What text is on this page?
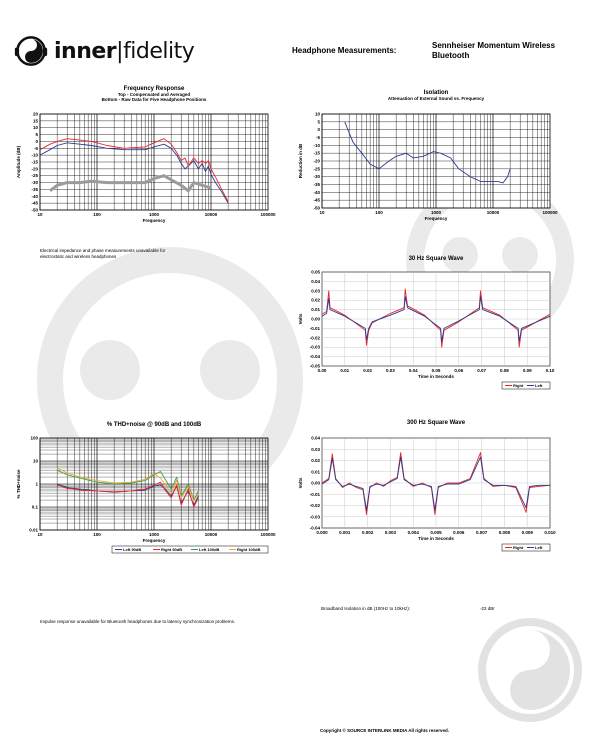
inner|fidelity	Headphone Measurements:
Sennheiser Momentum Wireless Bluetooth
Frequency Response
Top - Compensated and Averaged
Bottom - Raw Data for Five Headphone Positions
10	100	1000	10000	100000
20
15
10
5
0
-5
-10
-15
-20
-25
-30
-35
-40
-45
-50
Frequency
Amplitude (dB)
Isolation
Attenuation of External Sound vs. Frequency
10	100	1000	10000	100000
10
5
0
-5
-10
-15
-20
-25
-30
-35
-40
-45
-50
Frequency
Reduction in dB
30 Hz Square Wave
0.00	0.01	0.02	0.03	0.04	0.05	0.06	0.07	0.08	0.09	0.10
0.05
0.04
0.03
0.02
0.01
0.00
-0.01
-0.02
-0.03
-0.04
-0.05
Time in Seconds
Volts
Right	Left
% THD+noise @ 90dB and 100dB
10	100	1000	10000	100000
100
10
1
0.1
0.01
Frequency
% THD+noise
Left 90dB	Right 90dB	Left 100dB	Right 100dB
300 Hz Square Wave
0.000	0.001	0.002	0.003	0.004	0.005	0.006	0.007	0.008	0.009	0.010
0.04
0.03
0.02
0.01
0.00
-0.01
-0.02
-0.03
-0.04
Time in Seconds
Volts
Right	Left
Electrical impedance and phase measurements unavailable for electrostatic and wireless headphones
Impulse response unavailable for Bluetooth headphones due to latency synchronization problems.
Broadband Isolation in dB (100Hz to 10kHz):	-23 dBr
Copyright © SOURCE INTERLINK MEDIA All rights reserved.
